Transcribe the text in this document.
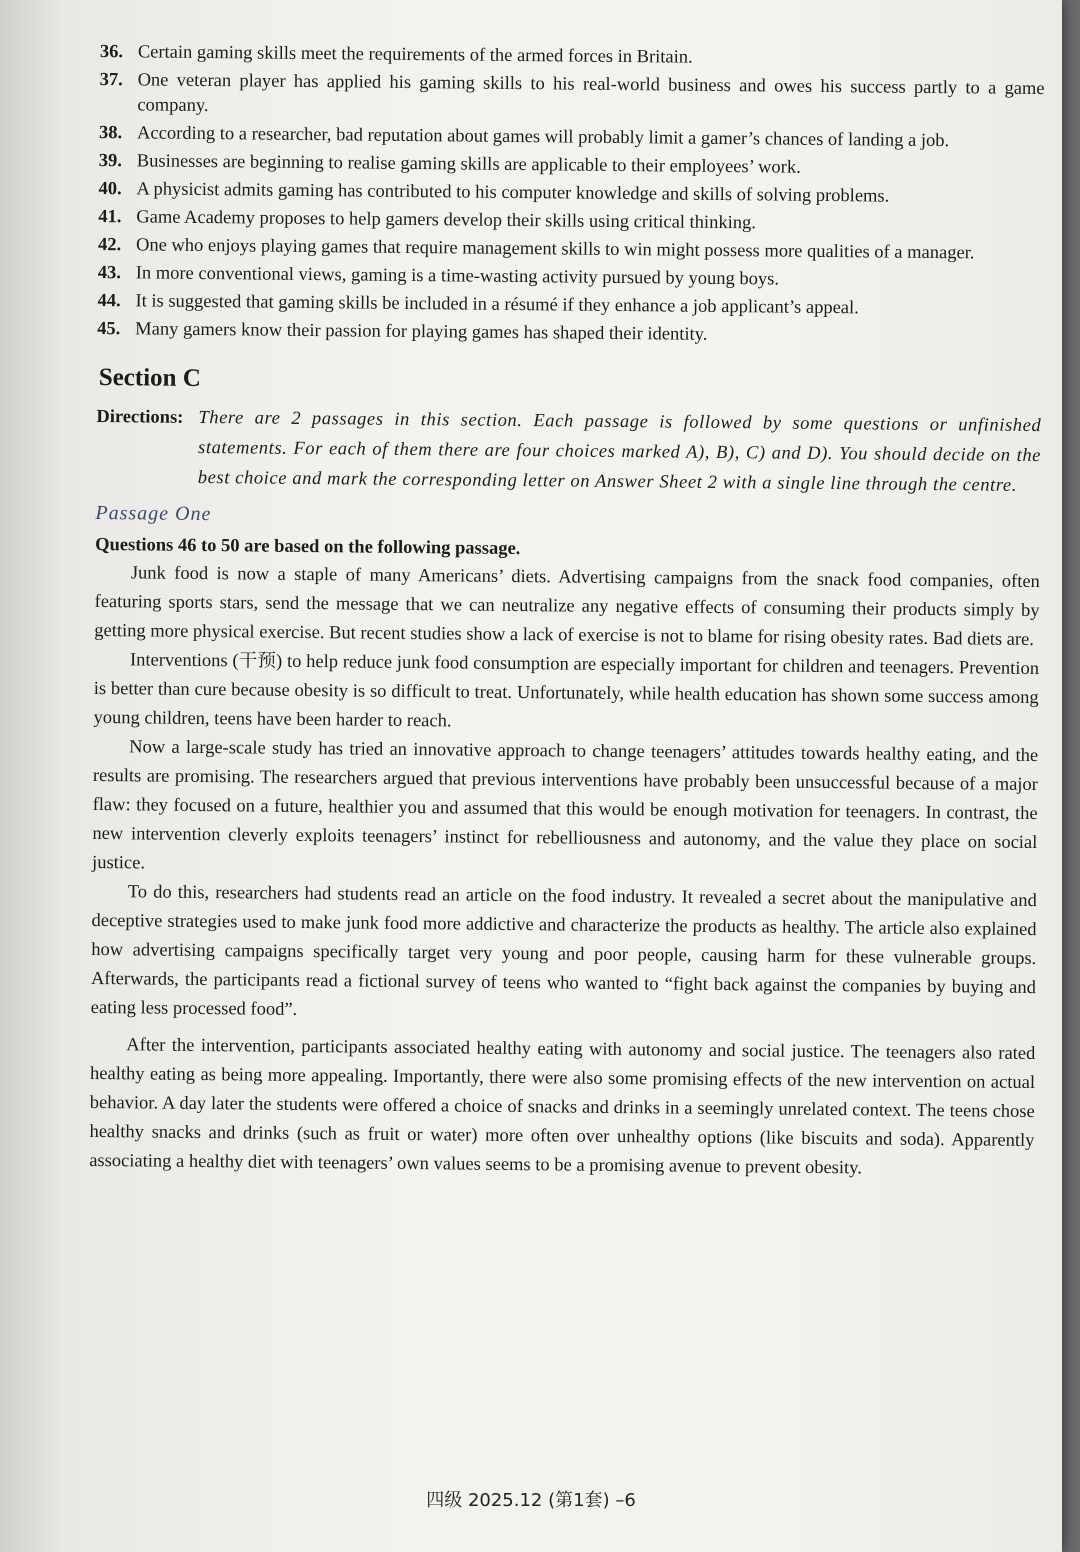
36. Certain gaming skills meet the requirements of the armed forces in Britain.
37. One veteran player has applied his gaming skills to his real-world business and owes his success partly to a game company.
38. According to a researcher, bad reputation about games will probably limit a gamer’s chances of landing a job.
39. Businesses are beginning to realise gaming skills are applicable to their employees’ work.
40. A physicist admits gaming has contributed to his computer knowledge and skills of solving problems.
41. Game Academy proposes to help gamers develop their skills using critical thinking.
42. One who enjoys playing games that require management skills to win might possess more qualities of a manager.
43. In more conventional views, gaming is a time-wasting activity pursued by young boys.
44. It is suggested that gaming skills be included in a résumé if they enhance a job applicant’s appeal.
45. Many gamers know their passion for playing games has shaped their identity.
Section C
Directions: There are 2 passages in this section. Each passage is followed by some questions or unfinished statements. For each of them there are four choices marked A), B), C) and D). You should decide on the best choice and mark the corresponding letter on Answer Sheet 2 with a single line through the centre.
Passage One
Questions 46 to 50 are based on the following passage.

Junk food is now a staple of many Americans’ diets. Advertising campaigns from the snack food companies, often featuring sports stars, send the message that we can neutralize any negative effects of consuming their products simply by getting more physical exercise. But recent studies show a lack of exercise is not to blame for rising obesity rates. Bad diets are.

Interventions (干预) to help reduce junk food consumption are especially important for children and teenagers. Prevention is better than cure because obesity is so difficult to treat. Unfortunately, while health education has shown some success among young children, teens have been harder to reach.

Now a large-scale study has tried an innovative approach to change teenagers’ attitudes towards healthy eating, and the results are promising. The researchers argued that previous interventions have probably been unsuccessful because of a major flaw: they focused on a future, healthier you and assumed that this would be enough motivation for teenagers. In contrast, the new intervention cleverly exploits teenagers’ instinct for rebelliousness and autonomy, and the value they place on social justice.

To do this, researchers had students read an article on the food industry. It revealed a secret about the manipulative and deceptive strategies used to make junk food more addictive and characterize the products as healthy. The article also explained how advertising campaigns specifically target very young and poor people, causing harm for these vulnerable groups. Afterwards, the participants read a fictional survey of teens who wanted to “fight back against the companies by buying and eating less processed food”.

After the intervention, participants associated healthy eating with autonomy and social justice. The teenagers also rated healthy eating as being more appealing. Importantly, there were also some promising effects of the new intervention on actual behavior. A day later the students were offered a choice of snacks and drinks in a seemingly unrelated context. The teens chose healthy snacks and drinks (such as fruit or water) more often over unhealthy options (like biscuits and soda). Apparently associating a healthy diet with teenagers’ own values seems to be a promising avenue to prevent obesity.

四级 2025.12 (第1套) –6
